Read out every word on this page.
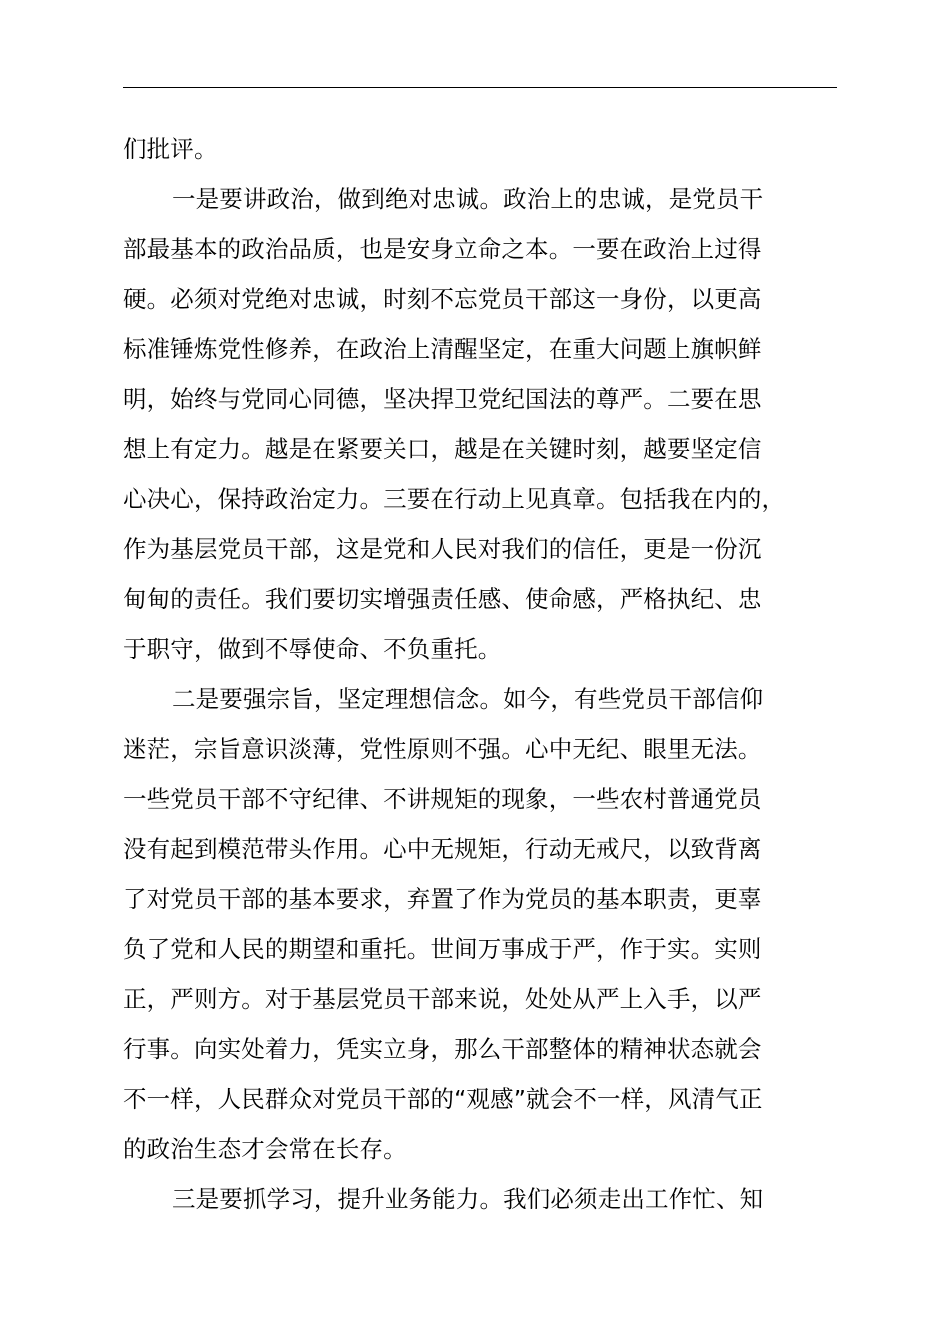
们批评。
一是要讲政治，做到绝对忠诚。政治上的忠诚，是党员干
部最基本的政治品质，也是安身立命之本。一要在政治上过得
硬。必须对党绝对忠诚，时刻不忘党员干部这一身份，以更高
标准锤炼党性修养，在政治上清醒坚定，在重大问题上旗帜鲜
明，始终与党同心同德，坚决捍卫党纪国法的尊严。二要在思
想上有定力。越是在紧要关口，越是在关键时刻，越要坚定信
心决心，保持政治定力。三要在行动上见真章。包括我在内的，
作为基层党员干部，这是党和人民对我们的信任，更是一份沉
甸甸的责任。我们要切实增强责任感、使命感，严格执纪、忠
于职守，做到不辱使命、不负重托。
二是要强宗旨，坚定理想信念。如今，有些党员干部信仰
迷茫，宗旨意识淡薄，党性原则不强。心中无纪、眼里无法。
一些党员干部不守纪律、不讲规矩的现象，一些农村普通党员
没有起到模范带头作用。心中无规矩，行动无戒尺，以致背离
了对党员干部的基本要求，弃置了作为党员的基本职责，更辜
负了党和人民的期望和重托。世间万事成于严，作于实。实则
正，严则方。对于基层党员干部来说，处处从严上入手，以严
行事。向实处着力，凭实立身，那么干部整体的精神状态就会
不一样，人民群众对党员干部的“观感”就会不一样，风清气正
的政治生态才会常在长存。
三是要抓学习，提升业务能力。我们必须走出工作忙、知
